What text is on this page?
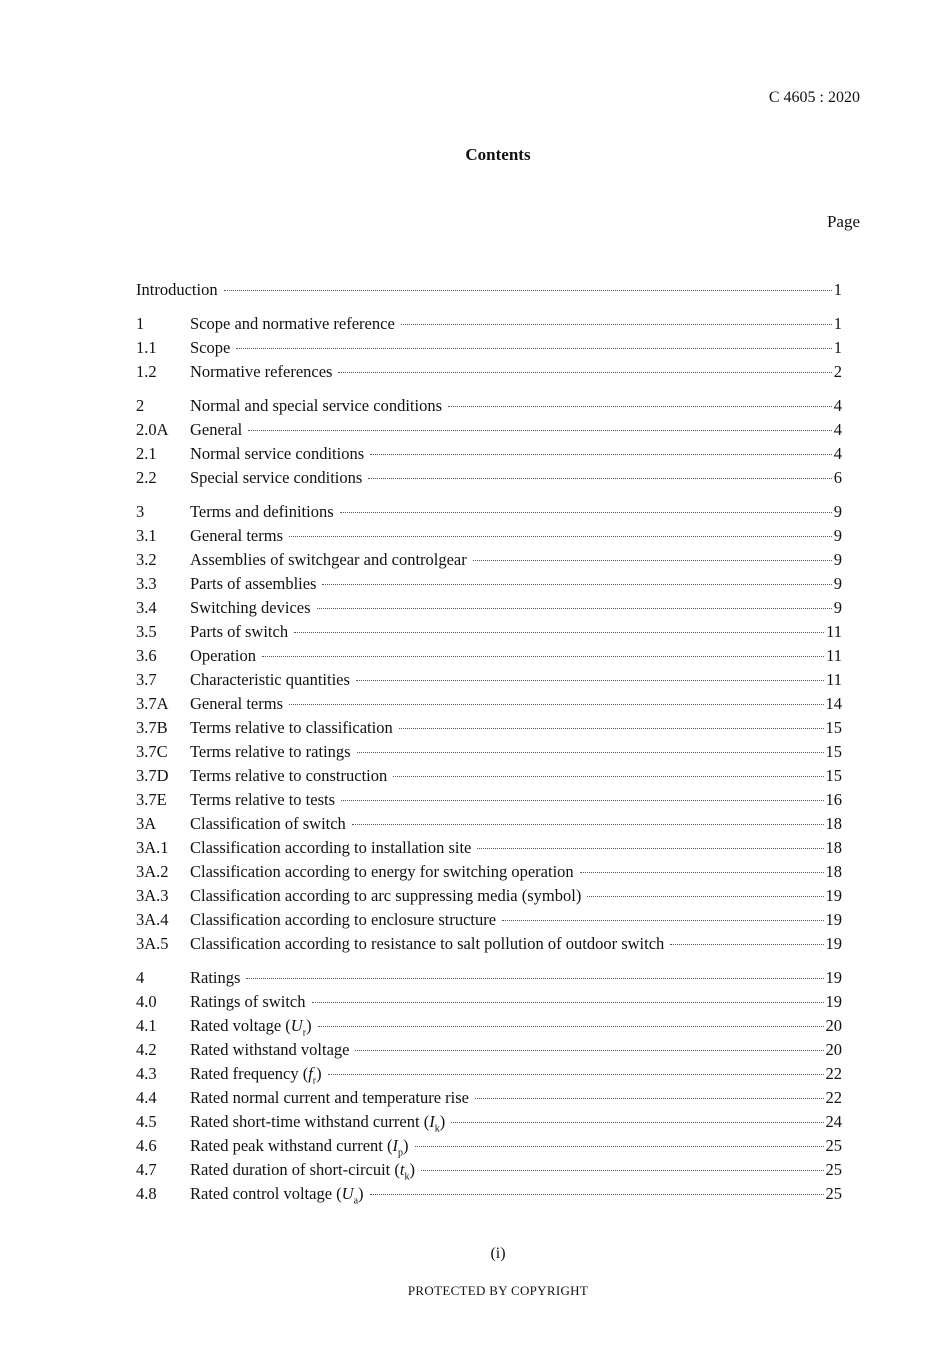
C 4605 : 2020
Contents
Page
Introduction	1
1	Scope and normative reference	1
1.1	Scope	1
1.2	Normative references	2
2	Normal and special service conditions	4
2.0A	General	4
2.1	Normal service conditions	4
2.2	Special service conditions	6
3	Terms and definitions	9
3.1	General terms	9
3.2	Assemblies of switchgear and controlgear	9
3.3	Parts of assemblies	9
3.4	Switching devices	9
3.5	Parts of switch	11
3.6	Operation	11
3.7	Characteristic quantities	11
3.7A	General terms	14
3.7B	Terms relative to classification	15
3.7C	Terms relative to ratings	15
3.7D	Terms relative to construction	15
3.7E	Terms relative to tests	16
3A	Classification of switch	18
3A.1	Classification according to installation site	18
3A.2	Classification according to energy for switching operation	18
3A.3	Classification according to arc suppressing media (symbol)	19
3A.4	Classification according to enclosure structure	19
3A.5	Classification according to resistance to salt pollution of outdoor switch	19
4	Ratings	19
4.0	Ratings of switch	19
4.1	Rated voltage $(U_r)$	20
4.2	Rated withstand voltage	20
4.3	Rated frequency $(f_r)$	22
4.4	Rated normal current and temperature rise	22
4.5	Rated short-time withstand current $(I_k)$	24
4.6	Rated peak withstand current $(I_p)$	25
4.7	Rated duration of short-circuit $(t_k)$	25
4.8	Rated control voltage $(U_a)$	25
(i)
PROTECTED BY COPYRIGHT
